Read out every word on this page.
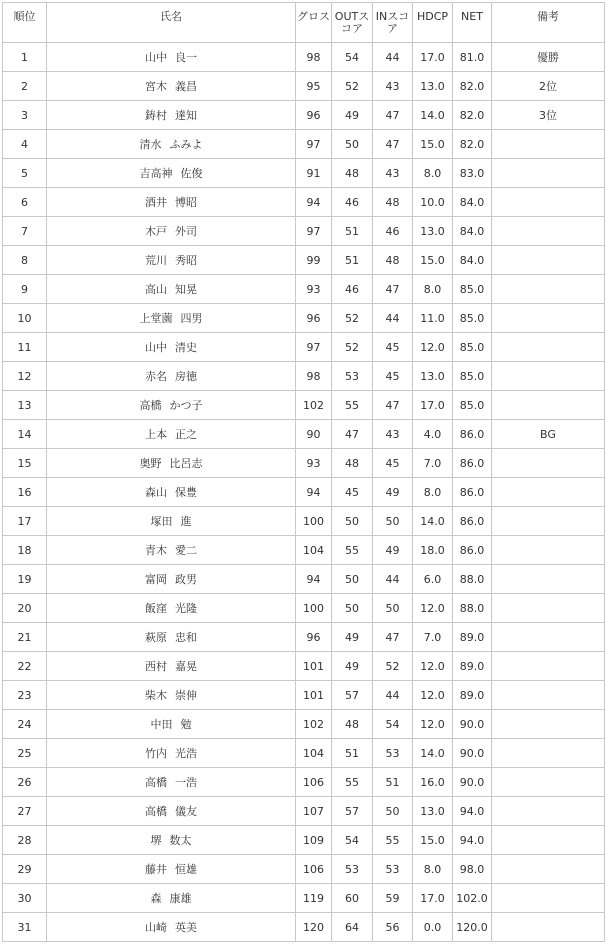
順位	氏名	グロス	OUTスコア	INスコア	HDCP	NET	備考
1	山中 良一	98	54	44	17.0	81.0	優勝
2	宮木 義昌	95	52	43	13.0	82.0	2位
3	鋳村 達知	96	49	47	14.0	82.0	3位
4	清水 ふみよ	97	50	47	15.0	82.0	
5	吉高神 佐俊	91	48	43	8.0	83.0	
6	酒井 博昭	94	46	48	10.0	84.0	
7	木戸 外司	97	51	46	13.0	84.0	
8	荒川 秀昭	99	51	48	15.0	84.0	
9	高山 知晃	93	46	47	8.0	85.0	
10	上堂薗 四男	96	52	44	11.0	85.0	
11	山中 清史	97	52	45	12.0	85.0	
12	赤名 房徳	98	53	45	13.0	85.0	
13	高橋 かつ子	102	55	47	17.0	85.0	
14	上本 正之	90	47	43	4.0	86.0	BG
15	奥野 比呂志	93	48	45	7.0	86.0	
16	森山 保豊	94	45	49	8.0	86.0	
17	塚田 進	100	50	50	14.0	86.0	
18	青木 愛二	104	55	49	18.0	86.0	
19	富岡 政男	94	50	44	6.0	88.0	
20	飯窪 光隆	100	50	50	12.0	88.0	
21	萩原 忠和	96	49	47	7.0	89.0	
22	西村 嘉晃	101	49	52	12.0	89.0	
23	柴木 崇伸	101	57	44	12.0	89.0	
24	中田 勉	102	48	54	12.0	90.0	
25	竹内 光浩	104	51	53	14.0	90.0	
26	高橋 一浩	106	55	51	16.0	90.0	
27	高橋 儀友	107	57	50	13.0	94.0	
28	堺 数太	109	54	55	15.0	94.0	
29	藤井 恒雄	106	53	53	8.0	98.0	
30	森 康雄	119	60	59	17.0	102.0	
31	山崎 英美	120	64	56	0.0	120.0	
